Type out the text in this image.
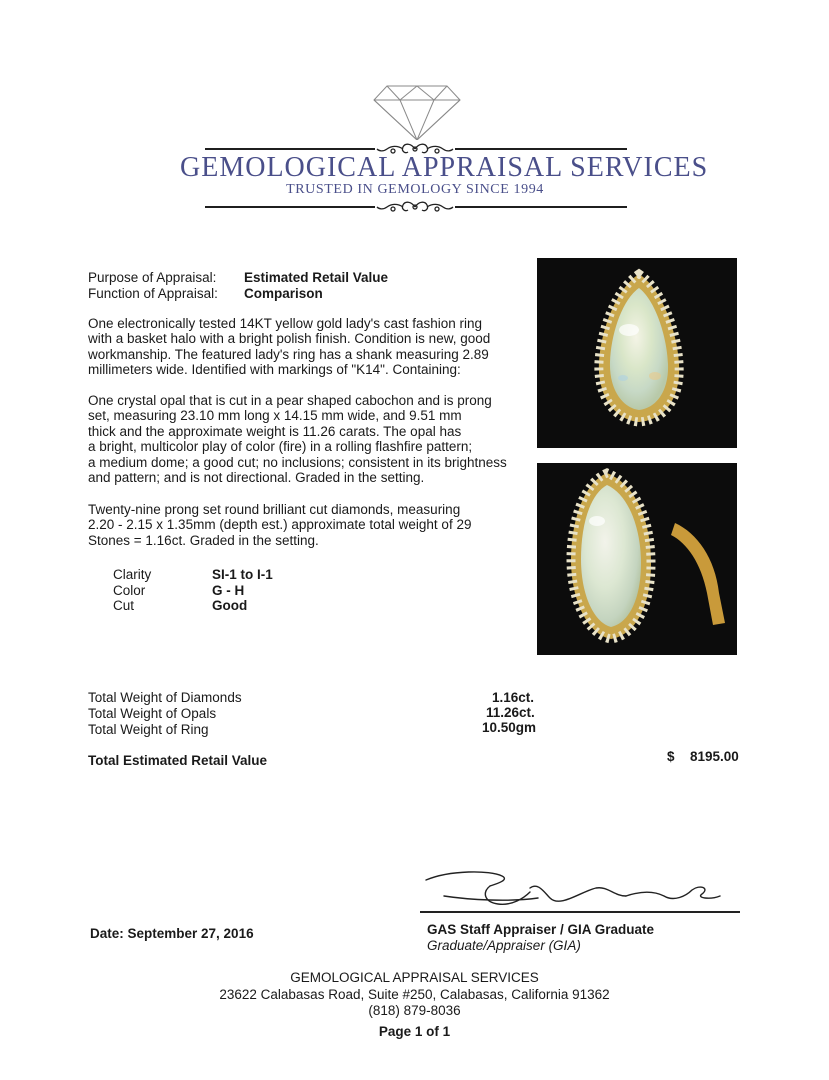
GEMOLOGICAL APPRAISAL SERVICES
TRUSTED IN GEMOLOGY SINCE 1994
Purpose of Appraisal: Estimated Retail Value
Function of Appraisal: Comparison
One electronically tested 14KT yellow gold lady's cast fashion ring
with a basket halo with a bright polish finish. Condition is new, good
workmanship. The featured lady's ring has a shank measuring 2.89
millimeters wide. Identified with markings of "K14". Containing:
One crystal opal that is cut in a pear shaped cabochon and is prong
set, measuring 23.10 mm long x 14.15 mm wide, and 9.51 mm
thick and the approximate weight is 11.26 carats. The opal has
a bright, multicolor play of color (fire) in a rolling flashfire pattern;
a medium dome; a good cut; no inclusions; consistent in its brightness
and pattern; and is not directional. Graded in the setting.
Twenty-nine prong set round brilliant cut diamonds, measuring
2.20 - 2.15 x 1.35mm (depth est.) approximate total weight of 29
Stones = 1.16ct. Graded in the setting.
Clarity	SI-1 to I-1
Color	G - H
Cut	Good
Total Weight of Diamonds	1.16ct.
Total Weight of Opals	11.26ct.
Total Weight of Ring	10.50gm
Total Estimated Retail Value	$ 8195.00
Date: September 27, 2016	GAS Staff Appraiser / GIA Graduate
Graduate/Appraiser (GIA)
GEMOLOGICAL APPRAISAL SERVICES
23622 Calabasas Road, Suite #250, Calabasas, California 91362
(818) 879-8036
Page 1 of 1
